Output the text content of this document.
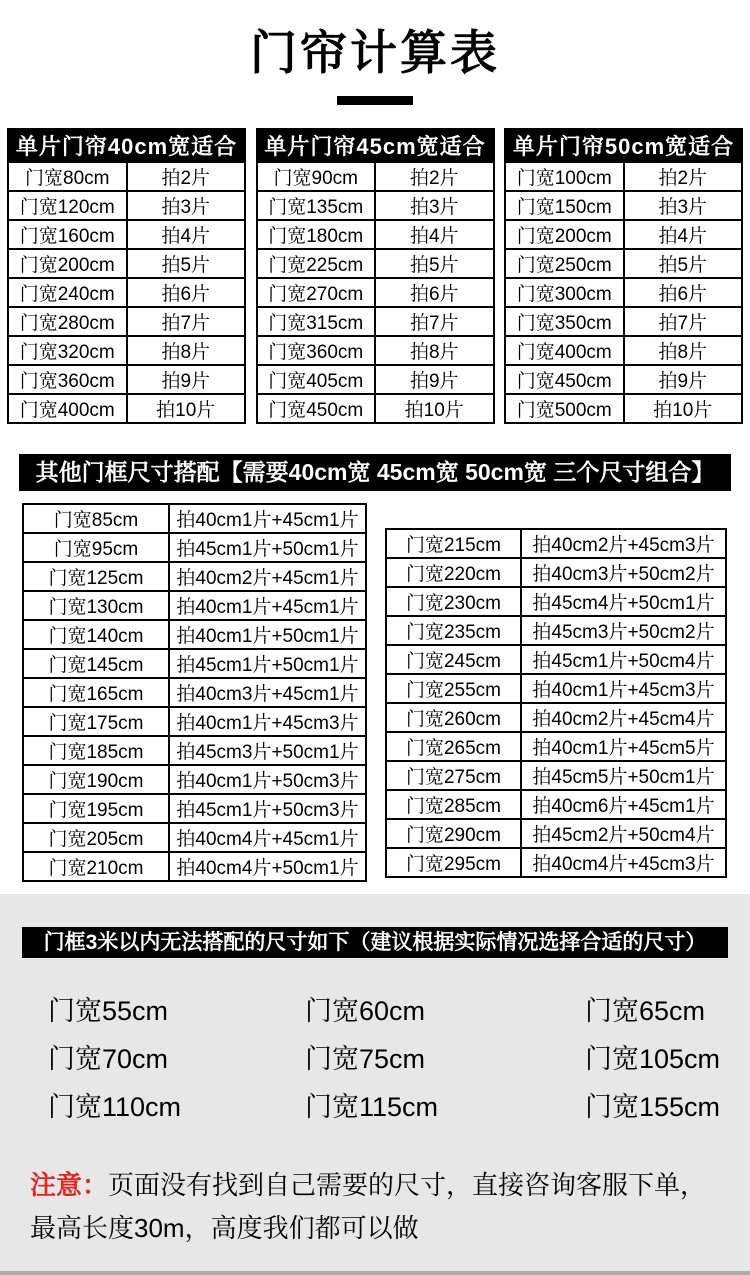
门帘计算表
单片门帘40cm宽适合	
门宽80cm	拍2片
门宽120cm	拍3片
门宽160cm	拍4片
门宽200cm	拍5片
门宽240cm	拍6片
门宽280cm	拍7片
门宽320cm	拍8片
门宽360cm	拍9片
门宽400cm	拍10片
单片门帘45cm宽适合	
门宽90cm	拍2片
门宽135cm	拍3片
门宽180cm	拍4片
门宽225cm	拍5片
门宽270cm	拍6片
门宽315cm	拍7片
门宽360cm	拍8片
门宽405cm	拍9片
门宽450cm	拍10片
单片门帘50cm宽适合	
门宽100cm	拍2片
门宽150cm	拍3片
门宽200cm	拍4片
门宽250cm	拍5片
门宽300cm	拍6片
门宽350cm	拍7片
门宽400cm	拍8片
门宽450cm	拍9片
门宽500cm	拍10片
其他门框尺寸搭配【需要40cm宽 45cm宽 50cm宽 三个尺寸组合】
门宽85cm	拍40cm1片+45cm1片
门宽95cm	拍45cm1片+50cm1片
门宽125cm	拍40cm2片+45cm1片
门宽130cm	拍40cm1片+45cm1片
门宽140cm	拍40cm1片+50cm1片
门宽145cm	拍45cm1片+50cm1片
门宽165cm	拍40cm3片+45cm1片
门宽175cm	拍40cm1片+45cm3片
门宽185cm	拍45cm3片+50cm1片
门宽190cm	拍40cm1片+50cm3片
门宽195cm	拍45cm1片+50cm3片
门宽205cm	拍40cm4片+45cm1片
门宽210cm	拍40cm4片+50cm1片
门宽215cm	拍40cm2片+45cm3片
门宽220cm	拍40cm3片+50cm2片
门宽230cm	拍45cm4片+50cm1片
门宽235cm	拍45cm3片+50cm2片
门宽245cm	拍45cm1片+50cm4片
门宽255cm	拍40cm1片+45cm3片
门宽260cm	拍40cm2片+45cm4片
门宽265cm	拍40cm1片+45cm5片
门宽275cm	拍45cm5片+50cm1片
门宽285cm	拍40cm6片+45cm1片
门宽290cm	拍45cm2片+50cm4片
门宽295cm	拍40cm4片+45cm3片
门框3米以内无法搭配的尺寸如下（建议根据实际情况选择合适的尺寸）
门宽55cm	门宽60cm	门宽65cm
门宽70cm	门宽75cm	门宽105cm
门宽110cm	门宽115cm	门宽155cm
注意：页面没有找到自己需要的尺寸，直接咨询客服下单，
最高长度30m，高度我们都可以做
